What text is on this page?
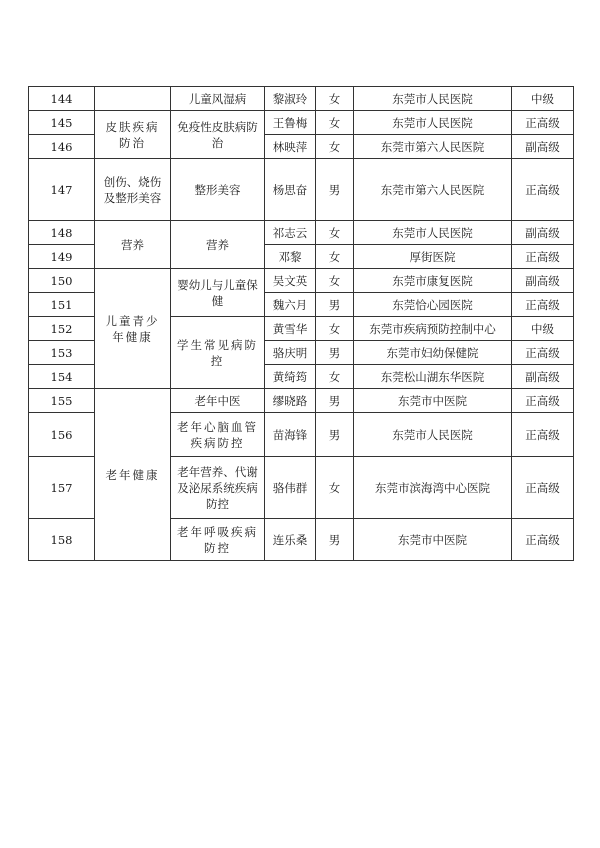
144		儿童风湿病	黎淑玲	女	东莞市人民医院	中级
145	皮肤疾病防治	免疫性皮肤病防治	王鲁梅	女	东莞市人民医院	正高级
146			林映萍	女	东莞市第六人民医院	副高级
147	创伤、烧伤及整形美容	整形美容	杨思奋	男	东莞市第六人民医院	正高级
148	营养	营养	祁志云	女	东莞市人民医院	副高级
149			邓黎	女	厚街医院	正高级
150	儿童青少年健康	婴幼儿与儿童保健	吴文英	女	东莞市康复医院	副高级
151			魏六月	男	东莞恰心园医院	正高级
152		学生常见病防控	黄雪华	女	东莞市疾病预防控制中心	中级
153			骆庆明	男	东莞市妇幼保健院	正高级
154			黄绮筠	女	东莞松山湖东华医院	副高级
155	老年健康	老年中医	缪晓路	男	东莞市中医院	正高级
156		老年心脑血管疾病防控	苗海锋	男	东莞市人民医院	正高级
157		老年营养、代谢及泌尿系统疾病防控	骆伟群	女	东莞市滨海湾中心医院	正高级
158		老年呼吸疾病防控	连乐桑	男	东莞市中医院	正高级
